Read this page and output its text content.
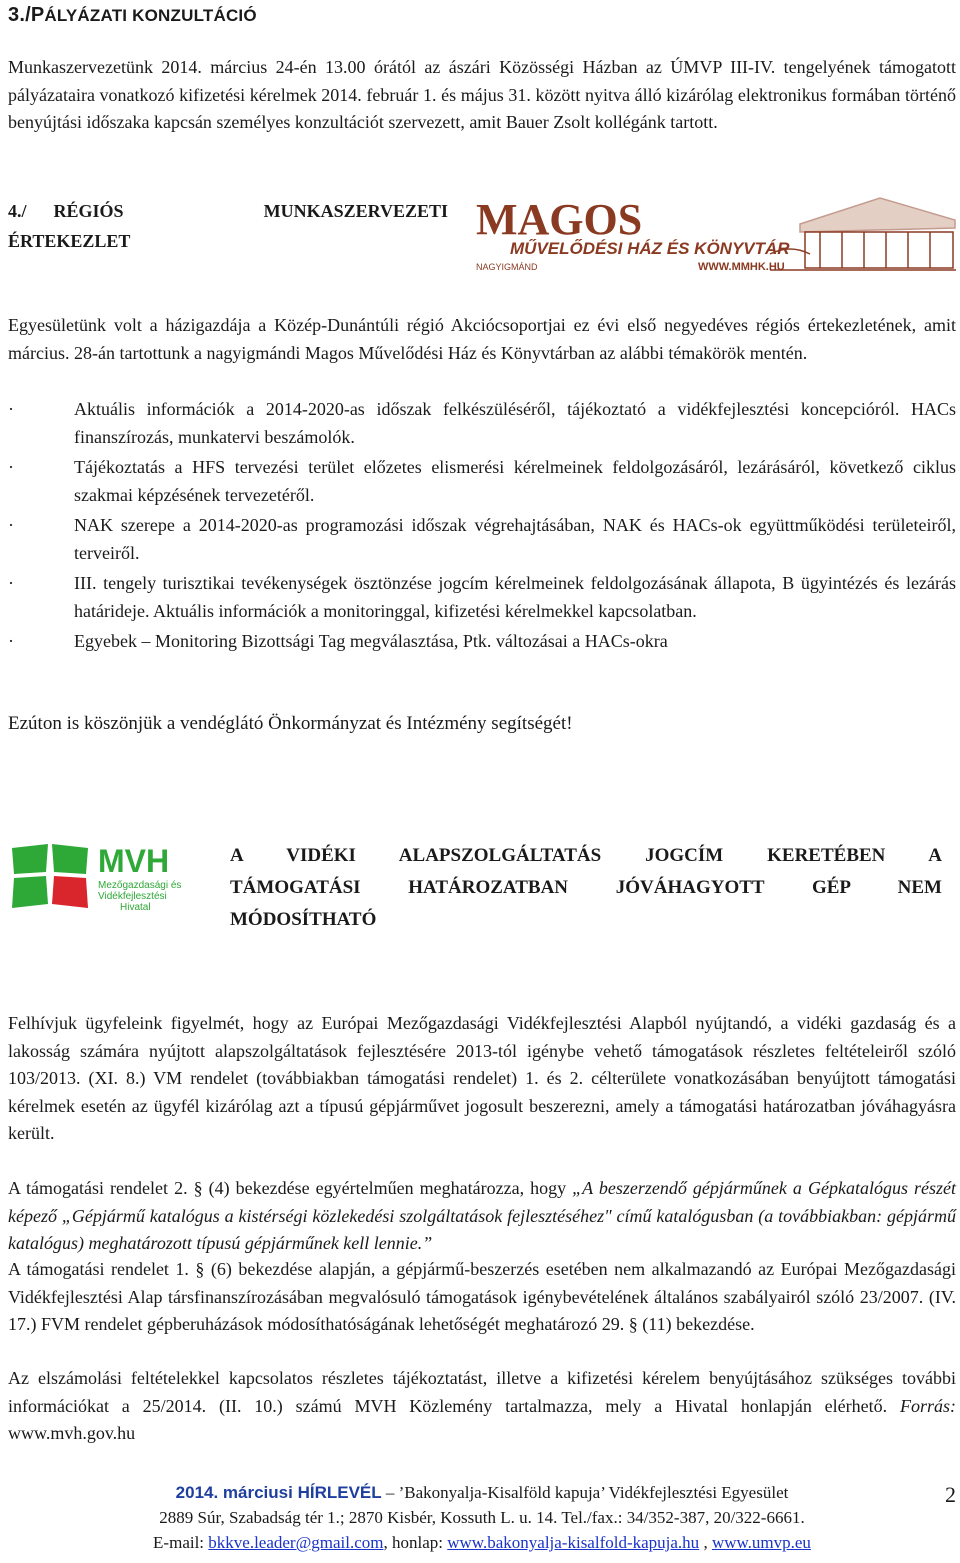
3./PÁLYÁZATI KONZULTÁCIÓ
Munkaszervezetünk 2014. március 24-én 13.00 órától az ászári Közösségi Házban az ÚMVP III-IV. tengelyének támogatott pályázataira vonatkozó kifizetési kérelmek 2014. február 1. és május 31. között nyitva álló kizárólag elektronikus formában történő benyújtási időszaka kapcsán személyes konzultációt szervezett, amit Bauer Zsolt kollégánk tartott.
4./ RÉGIÓS	MUNKASZERVEZETI
ÉRTEKEZLET	MAGOS
MŰVELŐDÉSI HÁZ ÉS KÖNYVTÁR
NAGYIGMÁND	WWW.MMHK.HU
Egyesületünk volt a házigazdája a Közép-Dunántúli régió Akciócsoportjai ez évi első negyedéves régiós értekezletének, amit március. 28-án tartottunk a nagyigmándi Magos Művelődési Ház és Könyvtárban az alábbi témakörök mentén.
·	Aktuális információk a 2014-2020-as időszak felkészüléséről, tájékoztató a vidékfejlesztési koncepcióról. HACs finanszírozás, munkatervi beszámolók.
·	Tájékoztatás a HFS tervezési terület előzetes elismerési kérelmeinek feldolgozásáról, lezárásáról, következő ciklus szakmai képzésének tervezetéről.
·	NAK szerepe a 2014-2020-as programozási időszak végrehajtásában, NAK és HACs-ok együttműködési területeiről, terveiről.
·	III. tengely turisztikai tevékenységek ösztönzése jogcím kérelmeinek feldolgozásának állapota, B ügyintézés és lezárás határideje. Aktuális információk a monitoringgal, kifizetési kérelmekkel kapcsolatban.
·	Egyebek – Monitoring Bizottsági Tag megválasztása, Ptk. változásai a HACs-okra
Ezúton is köszönjük a vendéglátó Önkormányzat és Intézmény segítségét!
MVH
Mezőgazdasági és
Vidékfejlesztési
Hivatal
A VIDÉKI ALAPSZOLGÁLTATÁS JOGCÍM KERETÉBEN A
TÁMOGATÁSI HATÁROZATBAN JÓVÁHAGYOTT GÉP NEM
MÓDOSÍTHATÓ
Felhívjuk ügyfeleink figyelmét, hogy az Európai Mezőgazdasági Vidékfejlesztési Alapból nyújtandó, a vidéki gazdaság és a lakosság számára nyújtott alapszolgáltatások fejlesztésére 2013-tól igénybe vehető támogatások részletes feltételeiről szóló 103/2013. (XI. 8.) VM rendelet (továbbiakban támogatási rendelet) 1. és 2. célterülete vonatkozásában benyújtott támogatási kérelmek esetén az ügyfél kizárólag azt a típusú gépjárművet jogosult beszerezni, amely a támogatási határozatban jóváhagyásra került.
A támogatási rendelet 2. § (4) bekezdése egyértelműen meghatározza, hogy „A beszerzendő gépjárműnek a Gépkatalógus részét képező „Gépjármű katalógus a kistérségi közlekedési szolgáltatások fejlesztéséhez" című katalógusban (a továbbiakban: gépjármű katalógus) meghatározott típusú gépjárműnek kell lennie.”
A támogatási rendelet 1. § (6) bekezdése alapján, a gépjármű-beszerzés esetében nem alkalmazandó az Európai Mezőgazdasági Vidékfejlesztési Alap társfinanszírozásában megvalósuló támogatások igénybevételének általános szabályairól szóló 23/2007. (IV. 17.) FVM rendelet gépberuházások módosíthatóságának lehetőségét meghatározó 29. § (11) bekezdése.
Az elszámolási feltételekkel kapcsolatos részletes tájékoztatást, illetve a kifizetési kérelem benyújtásához szükséges további információkat a 25/2014. (II. 10.) számú MVH Közlemény tartalmazza, mely a Hivatal honlapján elérhető. Forrás: www.mvh.gov.hu
2014. márciusi HÍRLEVÉL – ’Bakonyalja-Kisalföld kapuja’ Vidékfejlesztési Egyesület
2889 Súr, Szabadság tér 1.; 2870 Kisbér, Kossuth L. u. 14. Tel./fax.: 34/352-387, 20/322-6661.
E-mail: bkkve.leader@gmail.com, honlap: www.bakonyalja-kisalfold-kapuja.hu , www.umvp.eu
2
